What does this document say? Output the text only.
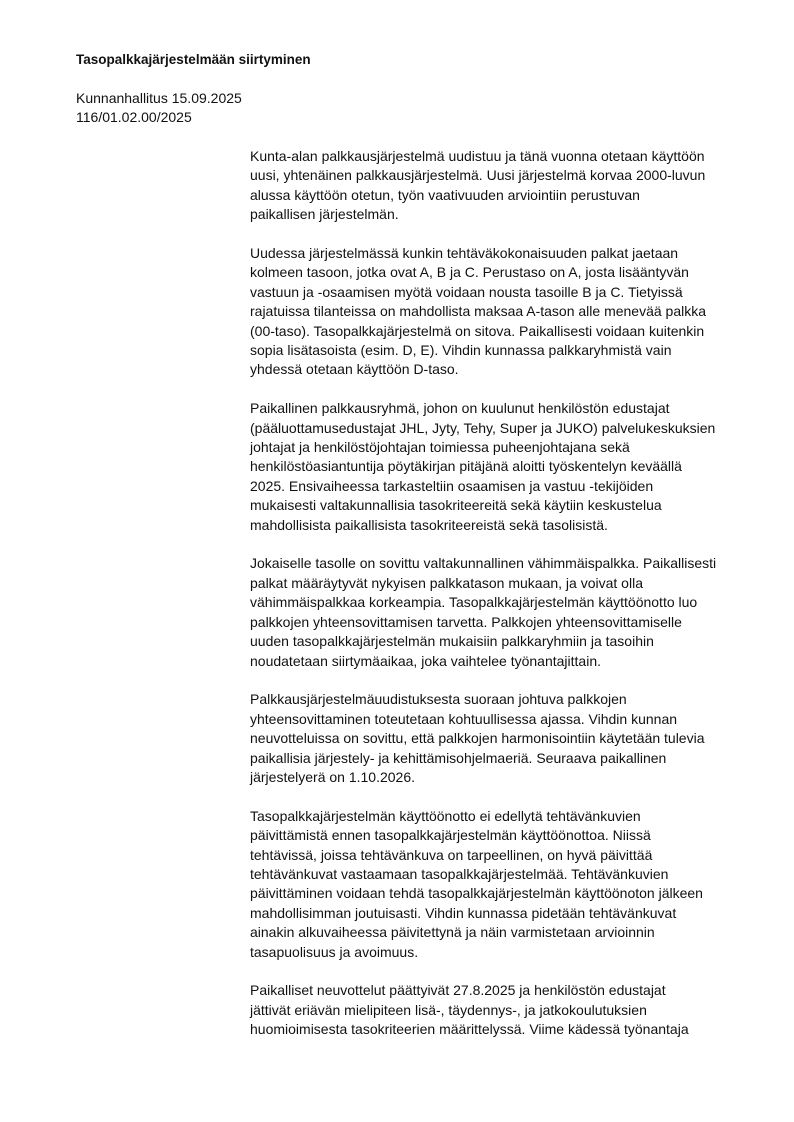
Tasopalkkajärjestelmään siirtyminen
Kunnanhallitus 15.09.2025
116/01.02.00/2025
Kunta-alan palkkausjärjestelmä uudistuu ja tänä vuonna otetaan käyttöön
uusi, yhtenäinen palkkausjärjestelmä. Uusi järjestelmä korvaa 2000-luvun
alussa käyttöön otetun, työn vaativuuden arviointiin perustuvan
paikallisen järjestelmän.
Uudessa järjestelmässä kunkin tehtäväkokonaisuuden palkat jaetaan
kolmeen tasoon, jotka ovat A, B ja C. Perustaso on A, josta lisääntyvän
vastuun ja -osaamisen myötä voidaan nousta tasoille B ja C. Tietyissä
rajatuissa tilanteissa on mahdollista maksaa A-tason alle menevää palkka
(00-taso). Tasopalkkajärjestelmä on sitova. Paikallisesti voidaan kuitenkin
sopia lisätasoista (esim. D, E). Vihdin kunnassa palkkaryhmistä vain
yhdessä otetaan käyttöön D-taso.
Paikallinen palkkausryhmä, johon on kuulunut henkilöstön edustajat
(pääluottamusedustajat JHL, Jyty, Tehy, Super ja JUKO) palvelukeskuksien
johtajat ja henkilöstöjohtajan toimiessa puheenjohtajana sekä
henkilöstöasiantuntija pöytäkirjan pitäjänä aloitti työskentelyn keväällä
2025. Ensivaiheessa tarkasteltiin osaamisen ja vastuu -tekijöiden
mukaisesti valtakunnallisia tasokriteereitä sekä käytiin keskustelua
mahdollisista paikallisista tasokriteereistä sekä tasolisistä.
Jokaiselle tasolle on sovittu valtakunnallinen vähimmäispalkka. Paikallisesti
palkat määräytyvät nykyisen palkkatason mukaan, ja voivat olla
vähimmäispalkkaa korkeampia. Tasopalkkajärjestelmän käyttöönotto luo
palkkojen yhteensovittamisen tarvetta. Palkkojen yhteensovittamiselle
uuden tasopalkkajärjestelmän mukaisiin palkkaryhmiin ja tasoihin
noudatetaan siirtymäaikaa, joka vaihtelee työnantajittain.
Palkkausjärjestelmäuudistuksesta suoraan johtuva palkkojen
yhteensovittaminen toteutetaan kohtuullisessa ajassa. Vihdin kunnan
neuvotteluissa on sovittu, että palkkojen harmonisointiin käytetään tulevia
paikallisia järjestely- ja kehittämisohjelmaeriä. Seuraava paikallinen
järjestelyerä on 1.10.2026.
Tasopalkkajärjestelmän käyttöönotto ei edellytä tehtävänkuvien
päivittämistä ennen tasopalkkajärjestelmän käyttöönottoa. Niissä
tehtävissä, joissa tehtävänkuva on tarpeellinen, on hyvä päivittää
tehtävänkuvat vastaamaan tasopalkkajärjestelmää. Tehtävänkuvien
päivittäminen voidaan tehdä tasopalkkajärjestelmän käyttöönoton jälkeen
mahdollisimman joutuisasti. Vihdin kunnassa pidetään tehtävänkuvat
ainakin alkuvaiheessa päivitettynä ja näin varmistetaan arvioinnin
tasapuolisuus ja avoimuus.
Paikalliset neuvottelut päättyivät 27.8.2025 ja henkilöstön edustajat
jättivät eriävän mielipiteen lisä-, täydennys-, ja jatkokoulutuksien
huomioimisesta tasokriteerien määrittelyssä. Viime kädessä työnantaja
